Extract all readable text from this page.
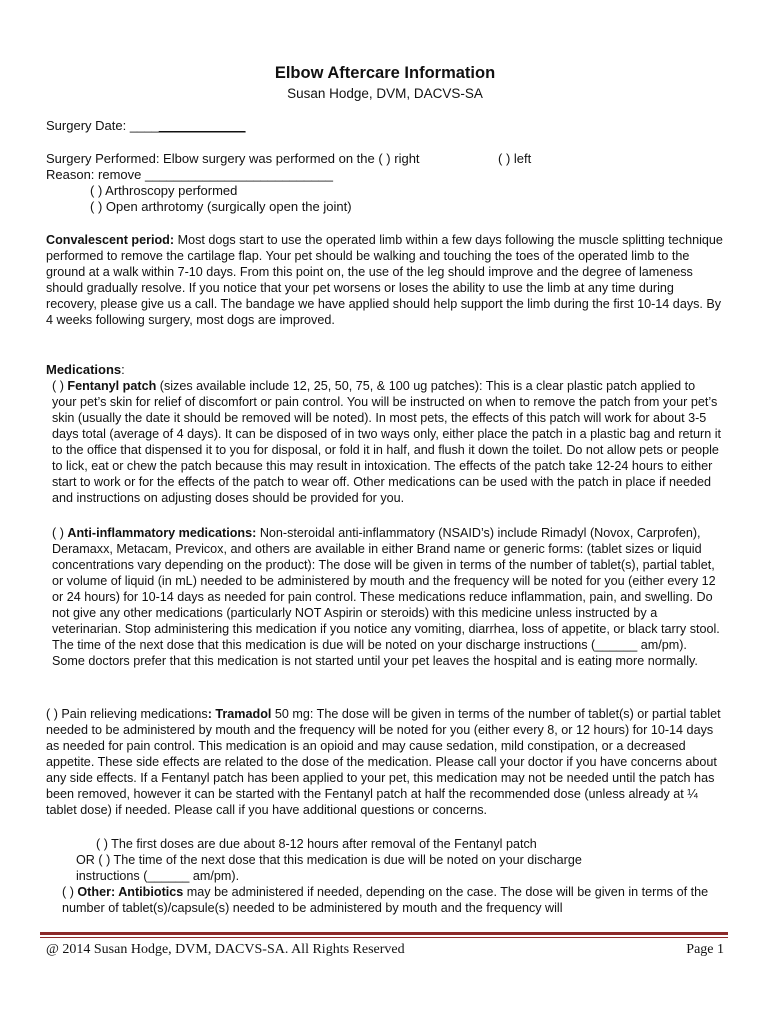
Elbow Aftercare Information
Susan Hodge, DVM, DACVS-SA
Surgery Date: ________________
Surgery Performed: Elbow surgery was performed on the ( ) right	( ) left
Reason: remove __________________________
( ) Arthroscopy performed
( ) Open arthrotomy (surgically open the joint)
Convalescent period: Most dogs start to use the operated limb within a few days following the muscle splitting technique performed to remove the cartilage flap. Your pet should be walking and touching the toes of the operated limb to the ground at a walk within 7-10 days. From this point on, the use of the leg should improve and the degree of lameness should gradually resolve. If you notice that your pet worsens or loses the ability to use the limb at any time during recovery, please give us a call. The bandage we have applied should help support the limb during the first 10-14 days. By 4 weeks following surgery, most dogs are improved.
Medications:
( ) Fentanyl patch (sizes available include 12, 25, 50, 75, & 100 ug patches): This is a clear plastic patch applied to your pet’s skin for relief of discomfort or pain control. You will be instructed on when to remove the patch from your pet’s skin (usually the date it should be removed will be noted). In most pets, the effects of this patch will work for about 3-5 days total (average of 4 days). It can be disposed of in two ways only, either place the patch in a plastic bag and return it to the office that dispensed it to you for disposal, or fold it in half, and flush it down the toilet. Do not allow pets or people to lick, eat or chew the patch because this may result in intoxication. The effects of the patch take 12-24 hours to either start to work or for the effects of the patch to wear off. Other medications can be used with the patch in place if needed and instructions on adjusting doses should be provided for you.
( ) Anti-inflammatory medications: Non-steroidal anti-inflammatory (NSAID’s) include Rimadyl (Novox, Carprofen), Deramaxx, Metacam, Previcox, and others are available in either Brand name or generic forms: (tablet sizes or liquid concentrations vary depending on the product): The dose will be given in terms of the number of tablet(s), partial tablet, or volume of liquid (in mL) needed to be administered by mouth and the frequency will be noted for you (either every 12 or 24 hours) for 10-14 days as needed for pain control. These medications reduce inflammation, pain, and swelling. Do not give any other medications (particularly NOT Aspirin or steroids) with this medicine unless instructed by a veterinarian. Stop administering this medication if you notice any vomiting, diarrhea, loss of appetite, or black tarry stool. The time of the next dose that this medication is due will be noted on your discharge instructions (______ am/pm). Some doctors prefer that this medication is not started until your pet leaves the hospital and is eating more normally.
( ) Pain relieving medications: Tramadol 50 mg: The dose will be given in terms of the number of tablet(s) or partial tablet needed to be administered by mouth and the frequency will be noted for you (either every 8, or 12 hours) for 10-14 days as needed for pain control. This medication is an opioid and may cause sedation, mild constipation, or a decreased appetite. These side effects are related to the dose of the medication. Please call your doctor if you have concerns about any side effects. If a Fentanyl patch has been applied to your pet, this medication may not be needed until the patch has been removed, however it can be started with the Fentanyl patch at half the recommended dose (unless already at ¼ tablet dose) if needed. Please call if you have additional questions or concerns.
( ) The first doses are due about 8-12 hours after removal of the Fentanyl patch
OR ( ) The time of the next dose that this medication is due will be noted on your discharge
instructions (______ am/pm).
( ) Other: Antibiotics may be administered if needed, depending on the case. The dose will be given in terms of the number of tablet(s)/capsule(s) needed to be administered by mouth and the frequency will
@ 2014 Susan Hodge, DVM, DACVS-SA. All Rights Reserved	Page 1
